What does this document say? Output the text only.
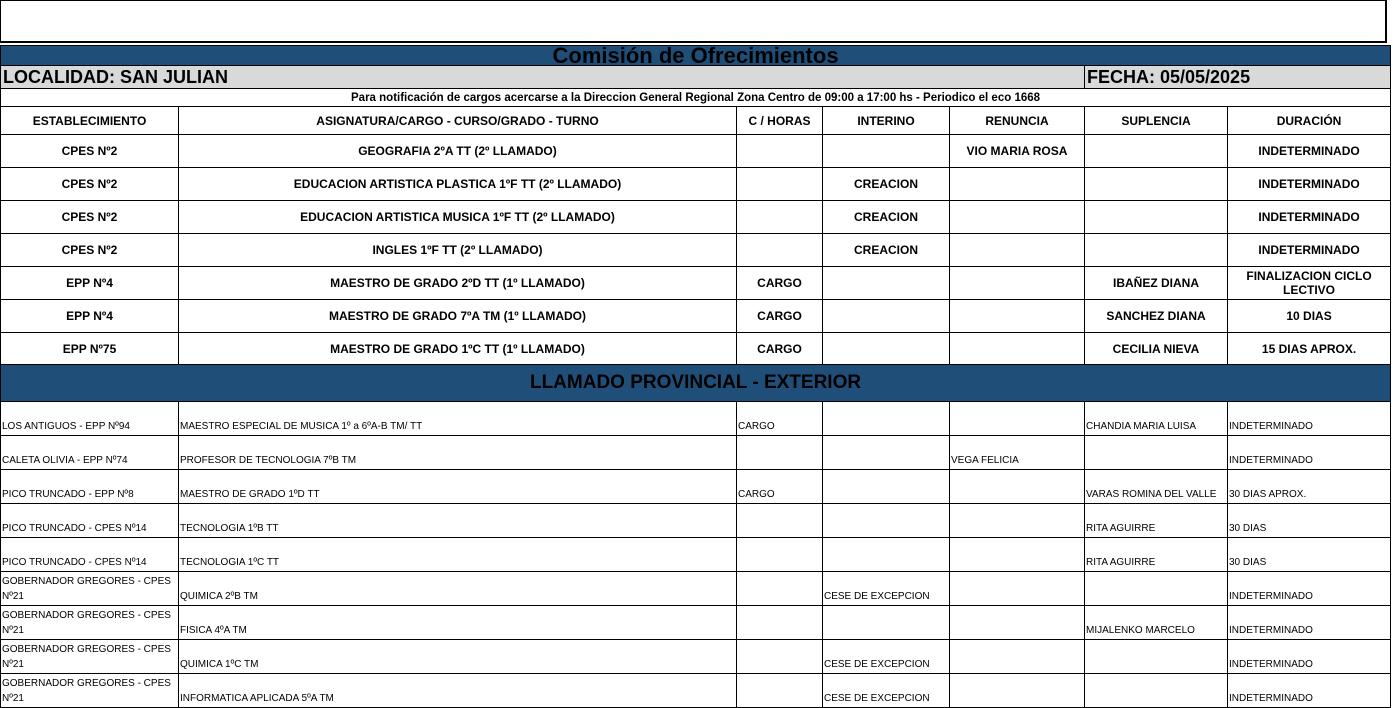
Comisión de Ofrecimientos						
LOCALIDAD: SAN JULIAN					FECHA: 05/05/2025	
Para notificación de cargos acercarse a la Direccion General Regional Zona Centro de 09:00 a 17:00 hs - Periodico el eco 1668						
ESTABLECIMIENTO	ASIGNATURA/CARGO - CURSO/GRADO - TURNO	C / HORAS	INTERINO	RENUNCIA	SUPLENCIA	DURACIÓN
CPES Nº2	GEOGRAFIA 2ºA TT (2º LLAMADO)			VIO MARIA ROSA		INDETERMINADO
CPES Nº2	EDUCACION ARTISTICA PLASTICA 1ºF TT (2º LLAMADO)		CREACION			INDETERMINADO
CPES Nº2	EDUCACION ARTISTICA MUSICA 1ºF TT (2º LLAMADO)		CREACION			INDETERMINADO
CPES Nº2	INGLES 1ºF TT (2º LLAMADO)		CREACION			INDETERMINADO
EPP Nº4	MAESTRO DE GRADO 2ºD TT (1º LLAMADO)	CARGO			IBAÑEZ DIANA	FINALIZACION CICLO LECTIVO
EPP Nº4	MAESTRO DE GRADO 7ºA TM (1º LLAMADO)	CARGO			SANCHEZ DIANA	10 DIAS
EPP Nº75	MAESTRO DE GRADO 1ºC TT (1º LLAMADO)	CARGO			CECILIA NIEVA	15 DIAS APROX.
LLAMADO PROVINCIAL - EXTERIOR						
LOS ANTIGUOS - EPP Nº94	MAESTRO ESPECIAL DE MUSICA 1º a 6ºA-B TM/ TT	CARGO			CHANDIA MARIA LUISA	INDETERMINADO
CALETA OLIVIA - EPP Nº74	PROFESOR DE TECNOLOGIA 7ºB TM			VEGA FELICIA		INDETERMINADO
PICO TRUNCADO - EPP Nº8	MAESTRO DE GRADO 1ºD TT	CARGO			VARAS ROMINA DEL VALLE	30 DIAS APROX.
PICO TRUNCADO - CPES Nº14	TECNOLOGIA 1ºB TT				RITA AGUIRRE	30 DIAS
PICO TRUNCADO - CPES Nº14	TECNOLOGIA 1ºC TT				RITA AGUIRRE	30 DIAS
GOBERNADOR GREGORES - CPES Nº21	QUIMICA 2ºB TM		CESE DE EXCEPCION			INDETERMINADO
GOBERNADOR GREGORES - CPES Nº21	FISICA 4ºA TM				MIJALENKO MARCELO	INDETERMINADO
GOBERNADOR GREGORES - CPES Nº21	QUIMICA 1ºC TM		CESE DE EXCEPCION			INDETERMINADO
GOBERNADOR GREGORES - CPES Nº21	INFORMATICA APLICADA 5ºA TM		CESE DE EXCEPCION			INDETERMINADO
